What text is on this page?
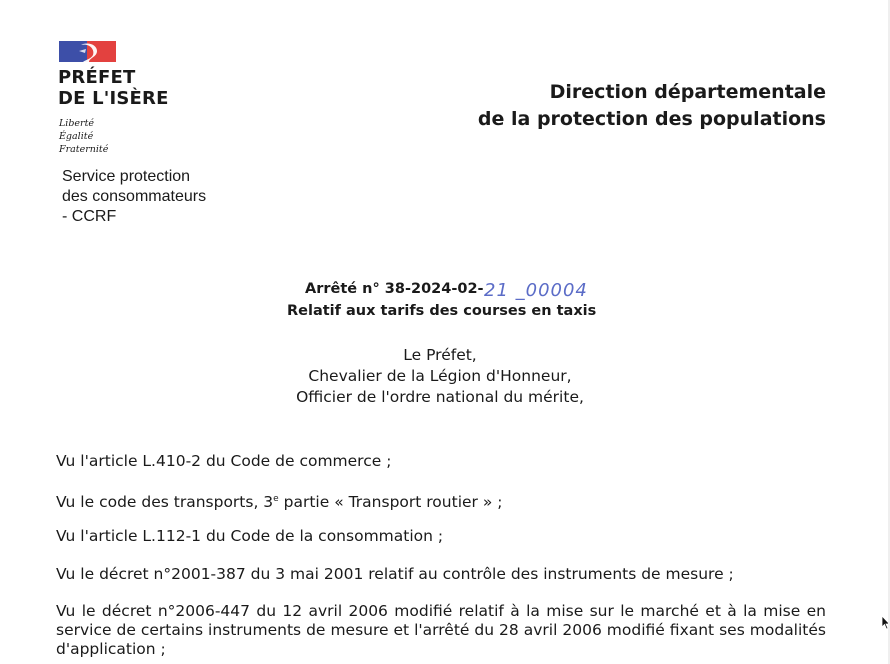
PRÉFET
DE L'ISÈRE
Liberté
Égalité
Fraternité
Service protection
des consommateurs
- CCRF
Direction départementale
de la protection des populations
Arrêté n° 38-2024-02- 21 _00004
Relatif aux tarifs des courses en taxis
Le Préfet,
Chevalier de la Légion d'Honneur,
Officier de l'ordre national du mérite,
Vu l'article L.410-2 du Code de commerce ;
Vu le code des transports, 3e partie « Transport routier » ;
Vu l'article L.112-1 du Code de la consommation ;
Vu le décret n°2001-387 du 3 mai 2001 relatif au contrôle des instruments de mesure ;
Vu le décret n°2006-447 du 12 avril 2006 modifié relatif à la mise sur le marché et à la mise en service de certains instruments de mesure et l'arrêté du 28 avril 2006 modifié fixant ses modalités d'application ;
